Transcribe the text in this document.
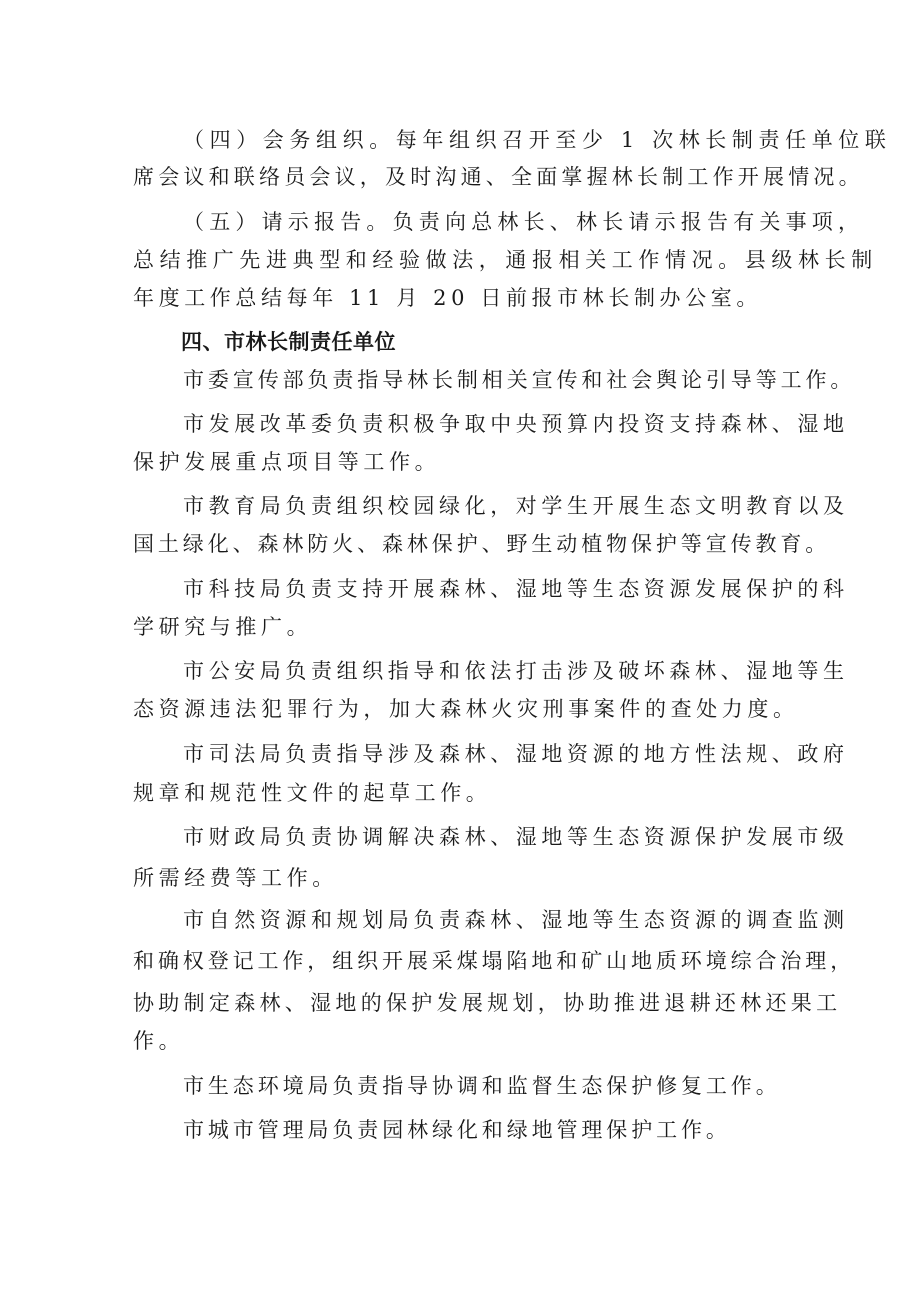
（四）会务组织。每年组织召开至少 1 次林长制责任单位联
席会议和联络员会议，及时沟通、全面掌握林长制工作开展情况。
（五）请示报告。负责向总林长、林长请示报告有关事项，
总结推广先进典型和经验做法，通报相关工作情况。县级林长制
年度工作总结每年 11 月 20 日前报市林长制办公室。
四、市林长制责任单位
市委宣传部负责指导林长制相关宣传和社会舆论引导等工作。
市发展改革委负责积极争取中央预算内投资支持森林、湿地
保护发展重点项目等工作。
市教育局负责组织校园绿化，对学生开展生态文明教育以及
国土绿化、森林防火、森林保护、野生动植物保护等宣传教育。
市科技局负责支持开展森林、湿地等生态资源发展保护的科
学研究与推广。
市公安局负责组织指导和依法打击涉及破坏森林、湿地等生
态资源违法犯罪行为，加大森林火灾刑事案件的查处力度。
市司法局负责指导涉及森林、湿地资源的地方性法规、政府
规章和规范性文件的起草工作。
市财政局负责协调解决森林、湿地等生态资源保护发展市级
所需经费等工作。
市自然资源和规划局负责森林、湿地等生态资源的调查监测
和确权登记工作，组织开展采煤塌陷地和矿山地质环境综合治理，
协助制定森林、湿地的保护发展规划，协助推进退耕还林还果工
作。
市生态环境局负责指导协调和监督生态保护修复工作。
市城市管理局负责园林绿化和绿地管理保护工作。
